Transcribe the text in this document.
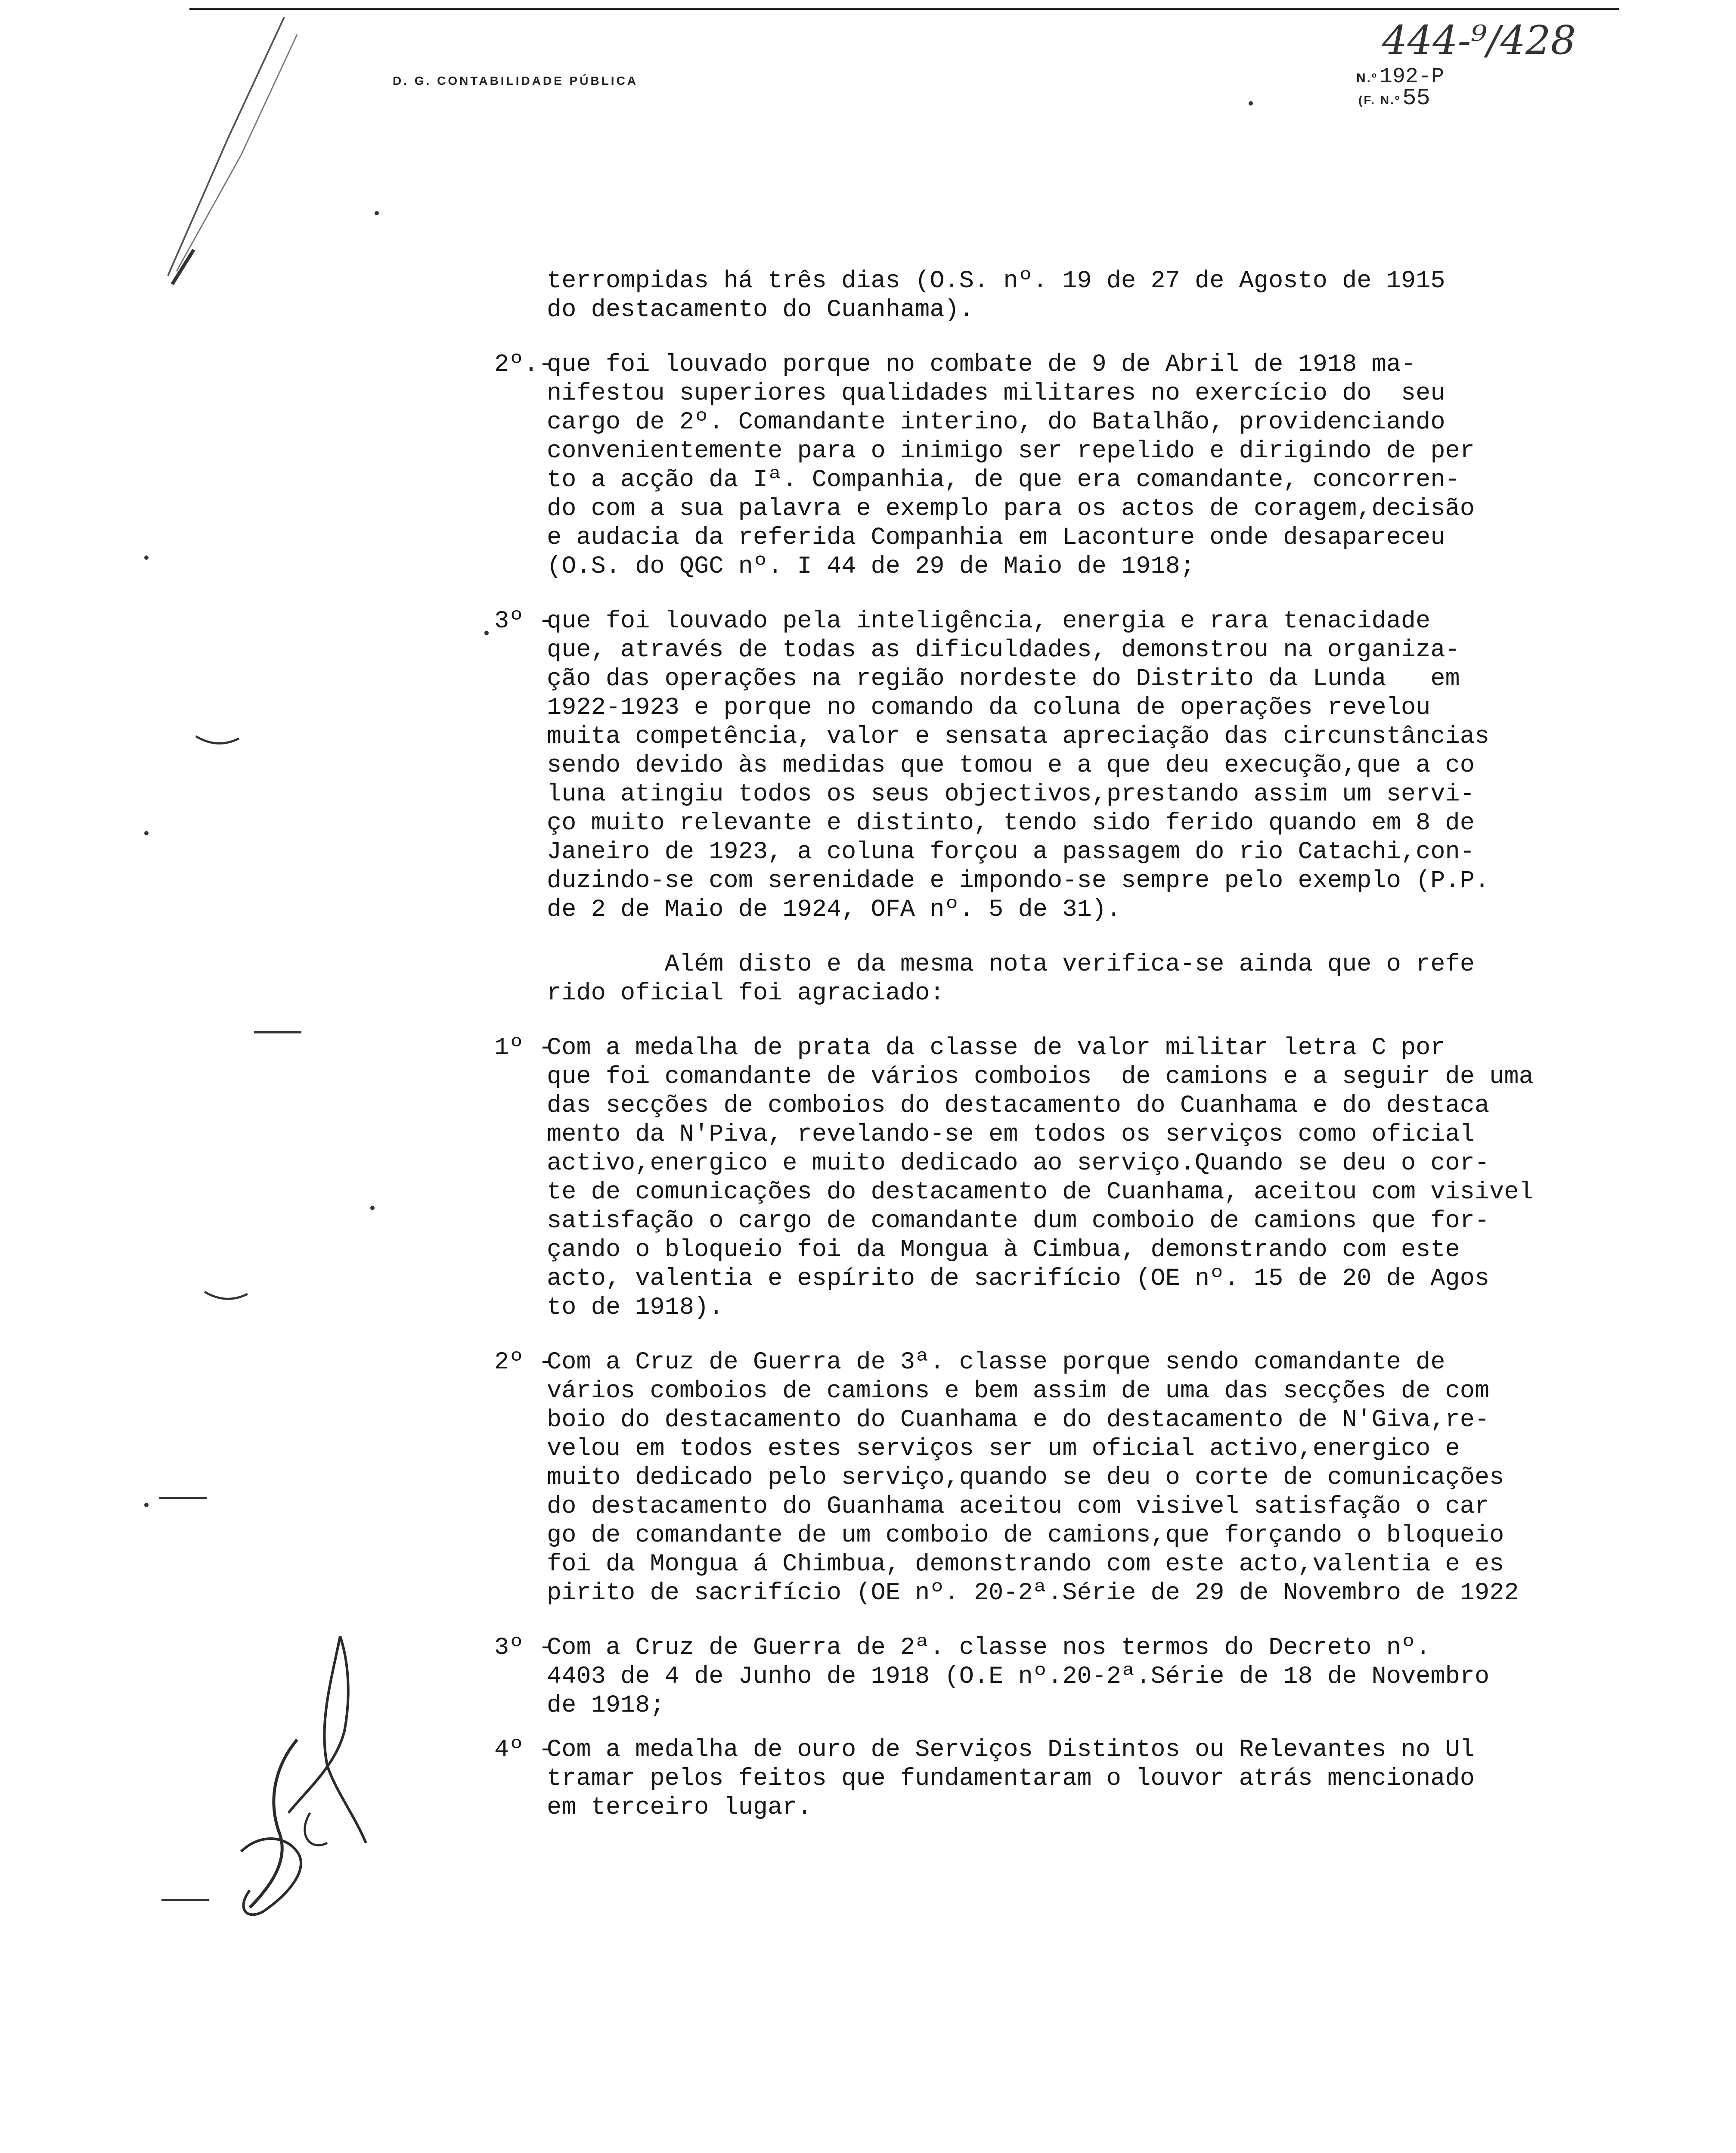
D. G. CONTABILIDADE PÚBLICA
444-⁹/428
N.º 192-P
(F. N.º 55
terrompidas há três dias (O.S. nº. 19 de 27 de Agosto de 1915
do destacamento do Cuanhama).
2º.-
que foi louvado porque no combate de 9 de Abril de 1918 ma-
nifestou superiores qualidades militares no exercício do  seu
cargo de 2º. Comandante interino, do Batalhão, providenciando
convenientemente para o inimigo ser repelido e dirigindo de per
to a acção da Iª. Companhia, de que era comandante, concorren-
do com a sua palavra e exemplo para os actos de coragem,decisão
e audacia da referida Companhia em Laconture onde desapareceu
(O.S. do QGC nº. I 44 de 29 de Maio de 1918;
3º -
que foi louvado pela inteligência, energia e rara tenacidade
que, através de todas as dificuldades, demonstrou na organiza-
ção das operações na região nordeste do Distrito da Lunda   em
1922-1923 e porque no comando da coluna de operações revelou
muita competência, valor e sensata apreciação das circunstâncias
sendo devido às medidas que tomou e a que deu execução,que a co
luna atingiu todos os seus objectivos,prestando assim um servi-
ço muito relevante e distinto, tendo sido ferido quando em 8 de
Janeiro de 1923, a coluna forçou a passagem do rio Catachi,con-
duzindo-se com serenidade e impondo-se sempre pelo exemplo (P.P.
de 2 de Maio de 1924, OFA nº. 5 de 31).
Além disto e da mesma nota verifica-se ainda que o refe
rido oficial foi agraciado:
1º -
Com a medalha de prata da classe de valor militar letra C por
que foi comandante de vários comboios  de camions e a seguir de uma
das secções de comboios do destacamento do Cuanhama e do destaca
mento da N'Piva, revelando-se em todos os serviços como oficial
activo,energico e muito dedicado ao serviço.Quando se deu o cor-
te de comunicações do destacamento de Cuanhama, aceitou com visivel
satisfação o cargo de comandante dum comboio de camions que for-
çando o bloqueio foi da Mongua à Cimbua, demonstrando com este
acto, valentia e espírito de sacrifício (OE nº. 15 de 20 de Agos
to de 1918).
2º -
Com a Cruz de Guerra de 3ª. classe porque sendo comandante de
vários comboios de camions e bem assim de uma das secções de com
boio do destacamento do Cuanhama e do destacamento de N'Giva,re-
velou em todos estes serviços ser um oficial activo,energico e
muito dedicado pelo serviço,quando se deu o corte de comunicações
do destacamento do Guanhama aceitou com visivel satisfação o car
go de comandante de um comboio de camions,que forçando o bloqueio
foi da Mongua á Chimbua, demonstrando com este acto,valentia e es
pirito de sacrifício (OE nº. 20-2ª.Série de 29 de Novembro de 1922
3º -
Com a Cruz de Guerra de 2ª. classe nos termos do Decreto nº.
4403 de 4 de Junho de 1918 (O.E nº.20-2ª.Série de 18 de Novembro
de 1918;
4º -
Com a medalha de ouro de Serviços Distintos ou Relevantes no Ul
tramar pelos feitos que fundamentaram o louvor atrás mencionado
em terceiro lugar.
